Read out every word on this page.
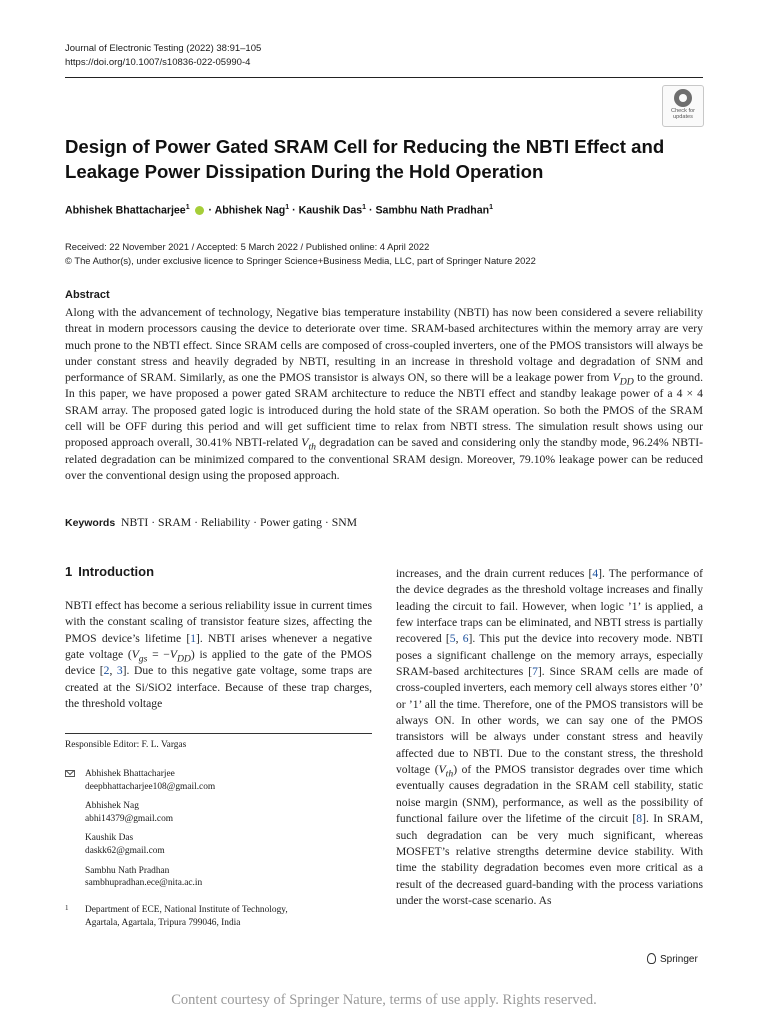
Journal of Electronic Testing (2022) 38:91–105
https://doi.org/10.1007/s10836-022-05990-4
Check for
updates
Design of Power Gated SRAM Cell for Reducing the NBTI Effect and Leakage Power Dissipation During the Hold Operation
Abhishek Bhattacharjee$^1$  · Abhishek Nag$^1$ · Kaushik Das$^1$ · Sambhu Nath Pradhan$^1$
Received: 22 November 2021 / Accepted: 5 March 2022 / Published online: 4 April 2022
© The Author(s), under exclusive licence to Springer Science+Business Media, LLC, part of Springer Nature 2022
Abstract
Along with the advancement of technology, Negative bias temperature instability (NBTI) has now been considered a severe reliability threat in modern processors causing the device to deteriorate over time. SRAM-based architectures within the memory array are very much prone to the NBTI effect. Since SRAM cells are composed of cross-coupled inverters, one of the PMOS transistors will always be under constant stress and heavily degraded by NBTI, resulting in an increase in threshold voltage and degradation of SNM and performance of SRAM. Similarly, as one the PMOS transistor is always ON, so there will be a leakage power from $V_{DD}$ to the ground. In this paper, we have proposed a power gated SRAM architecture to reduce the NBTI effect and standby leakage power of a 4 × 4 SRAM array. The proposed gated logic is introduced during the hold state of the SRAM operation. So both the PMOS of the SRAM cell will be OFF during this period and will get sufficient time to relax from NBTI stress. The simulation result shows using our proposed approach overall, 30.41% NBTI-related $V_{th}$ degradation can be saved and considering only the standby mode, 96.24% NBTI-related degradation can be minimized compared to the conventional SRAM design. Moreover, 79.10% leakage power can be reduced over the conventional design using the proposed approach.
Keywords NBTI · SRAM · Reliability · Power gating · SNM
1 Introduction
NBTI effect has become a serious reliability issue in current times with the constant scaling of transistor feature sizes, affecting the PMOS device’s lifetime [1]. NBTI arises whenever a negative gate voltage $(V_{gs} = -V_{DD})$ is applied to the gate of the PMOS device [2, 3]. Due to this negative gate voltage, some traps are created at the Si/SiO2 interface. Because of these trap charges, the threshold voltage
increases, and the drain current reduces [4]. The performance of the device degrades as the threshold voltage increases and finally leading the circuit to fail. However, when logic ’1’ is applied, a few interface traps can be eliminated, and NBTI stress is partially recovered [5, 6]. This put the device into recovery mode. NBTI poses a significant challenge on the memory arrays, especially SRAM-based architectures [7]. Since SRAM cells are made of cross-coupled inverters, each memory cell always stores either ’0’ or ’1’ all the time. Therefore, one of the PMOS transistors will be always ON. In other words, we can say one of the PMOS transistors will be always under constant stress and heavily affected due to NBTI. Due to the constant stress, the threshold voltage $(V_{th})$ of the PMOS transistor degrades over time which eventually causes degradation in the SRAM cell stability, static noise margin (SNM), performance, as well as the possibility of functional failure over the lifetime of the circuit [8]. In SRAM, such degradation can be very much significant, whereas MOSFET’s relative strengths determine device stability. With time the stability degradation becomes even more critical as a result of the decreased guard-banding with the process variations under the worst-case scenario. As
Responsible Editor: F. L. Vargas
Abhishek Bhattacharjee
deepbhattacharjee108@gmail.com
Abhishek Nag
abhi14379@gmail.com
Kaushik Das
daskk62@gmail.com
Sambhu Nath Pradhan
sambhupradhan.ece@nita.ac.in
1 Department of ECE, National Institute of Technology,
Agartala, Agartala, Tripura 799046, India
Springer
Content courtesy of Springer Nature, terms of use apply. Rights reserved.
